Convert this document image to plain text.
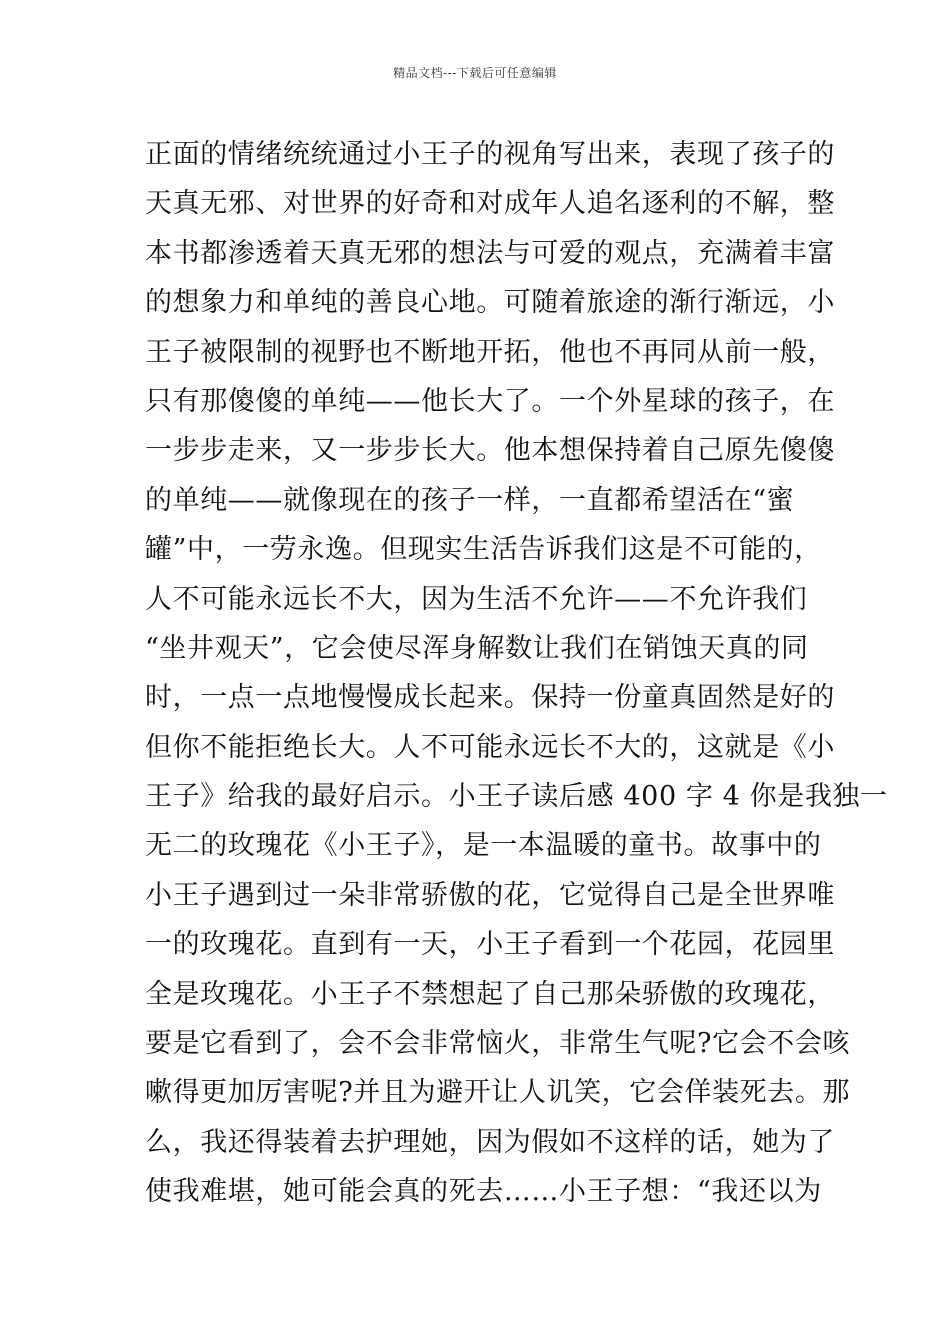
精品文档---下载后可任意编辑
正面的情绪统统通过小王子的视角写出来，表现了孩子的
天真无邪、对世界的好奇和对成年人追名逐利的不解，整
本书都渗透着天真无邪的想法与可爱的观点，充满着丰富
的想象力和单纯的善良心地。可随着旅途的渐行渐远，小
王子被限制的视野也不断地开拓，他也不再同从前一般，
只有那傻傻的单纯——他长大了。一个外星球的孩子，在
一步步走来，又一步步长大。他本想保持着自己原先傻傻
的单纯——就像现在的孩子一样，一直都希望活在“蜜
罐”中，一劳永逸。但现实生活告诉我们这是不可能的，
人不可能永远长不大，因为生活不允许——不允许我们
“坐井观天”，它会使尽浑身解数让我们在销蚀天真的同
时，一点一点地慢慢成长起来。保持一份童真固然是好的
但你不能拒绝长大。人不可能永远长不大的，这就是《小
王子》给我的最好启示。小王子读后感 400 字 4 你是我独一
无二的玫瑰花《小王子》，是一本温暖的童书。故事中的
小王子遇到过一朵非常骄傲的花，它觉得自己是全世界唯
一的玫瑰花。直到有一天，小王子看到一个花园，花园里
全是玫瑰花。小王子不禁想起了自己那朵骄傲的玫瑰花，
要是它看到了，会不会非常恼火，非常生气呢?它会不会咳
嗽得更加厉害呢?并且为避开让人讥笑，它会佯装死去。那
么，我还得装着去护理她，因为假如不这样的话，她为了
使我难堪，她可能会真的死去……小王子想：“我还以为
